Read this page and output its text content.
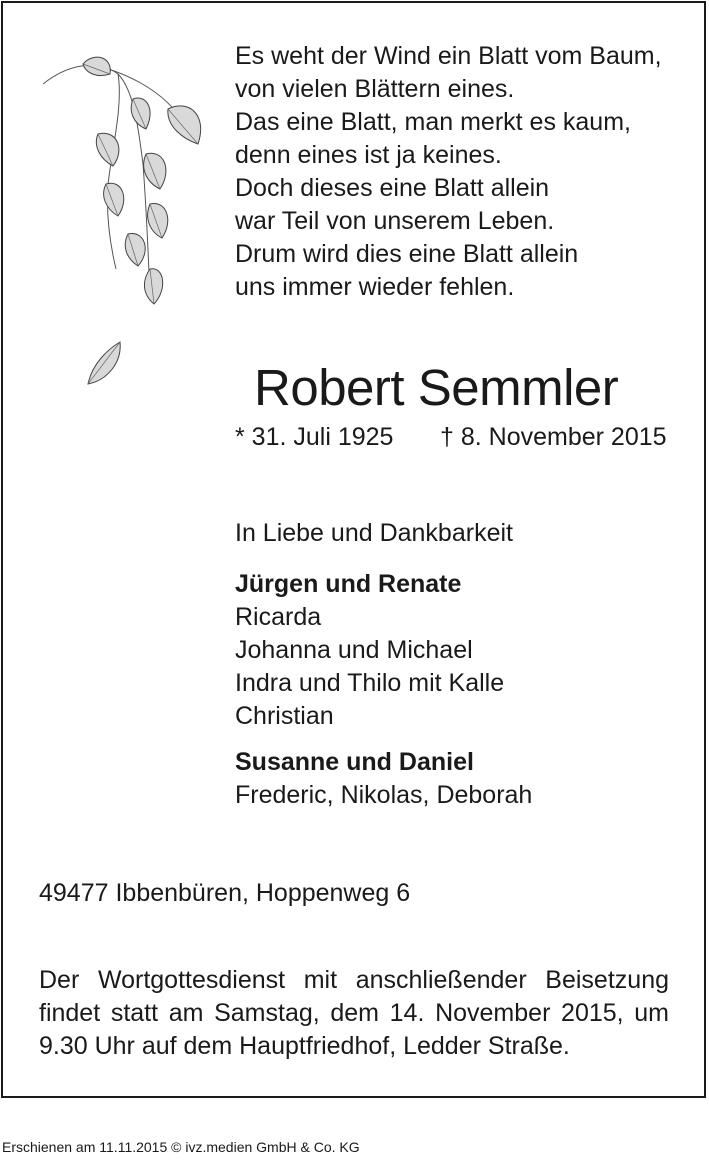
Es weht der Wind ein Blatt vom Baum,
von vielen Blättern eines.
Das eine Blatt, man merkt es kaum,
denn eines ist ja keines.
Doch dieses eine Blatt allein
war Teil von unserem Leben.
Drum wird dies eine Blatt allein
uns immer wieder fehlen.
Robert Semmler
* 31. Juli 1925 † 8. November 2015
In Liebe und Dankbarkeit
Jürgen und Renate
Ricarda
Johanna und Michael
Indra und Thilo mit Kalle
Christian
Susanne und Daniel
Frederic, Nikolas, Deborah
49477 Ibbenbüren, Hoppenweg 6
Der Wortgottesdienst mit anschließender Beisetzung
findet statt am Samstag, dem 14. November 2015, um
9.30 Uhr auf dem Hauptfriedhof, Ledder Straße.
Erschienen am 11.11.2015 © ivz.medien GmbH & Co. KG
